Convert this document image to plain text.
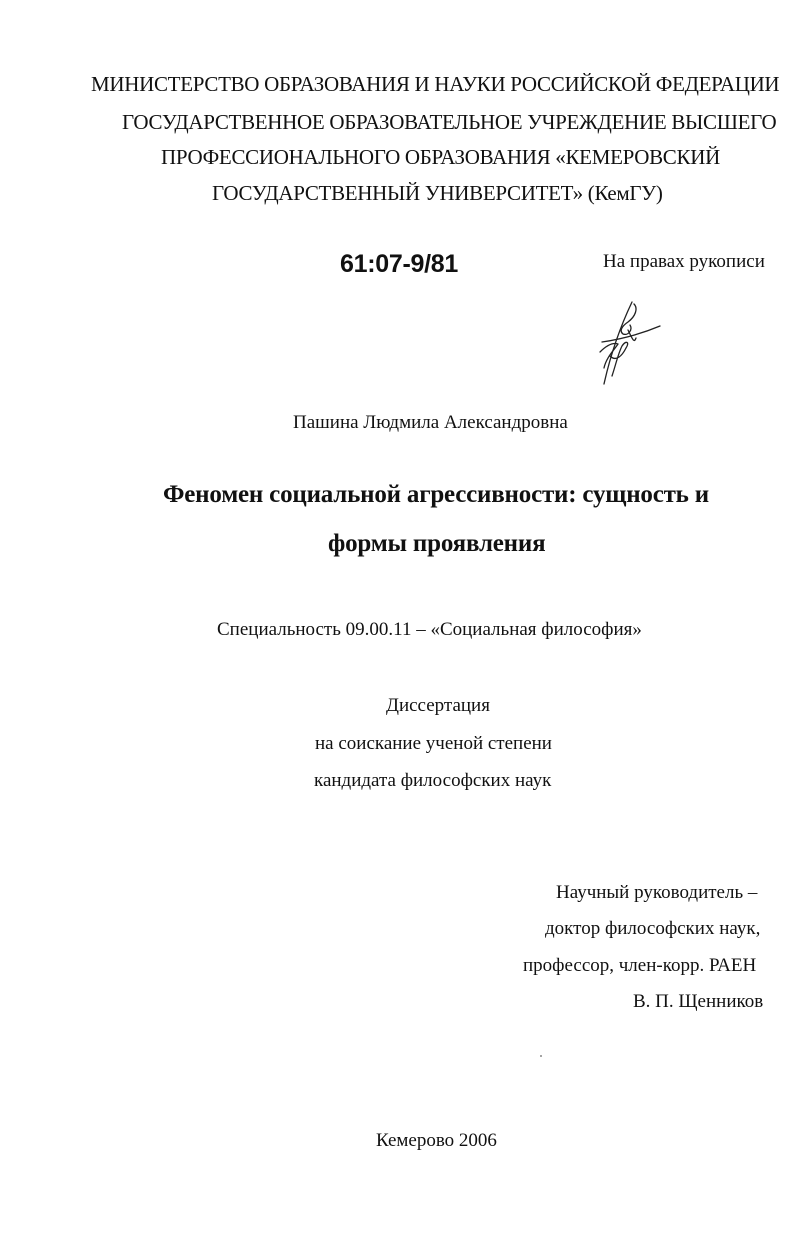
МИНИСТЕРСТВО ОБРАЗОВАНИЯ И НАУКИ РОССИЙСКОЙ ФЕДЕРАЦИИ
ГОСУДАРСТВЕННОЕ ОБРАЗОВАТЕЛЬНОЕ УЧРЕЖДЕНИЕ ВЫСШЕГО
ПРОФЕССИОНАЛЬНОГО ОБРАЗОВАНИЯ «КЕМЕРОВСКИЙ
ГОСУДАРСТВЕННЫЙ УНИВЕРСИТЕТ» (КемГУ)
61:07-9/81	На правах рукописи
Пашина Людмила Александровна
Феномен социальной агрессивности: сущность и
формы проявления
Специальность 09.00.11 – «Социальная философия»
Диссертация
на соискание ученой степени
кандидата философских наук
Научный руководитель –
доктор философских наук,
профессор, член-корр. РАЕН
В. П. Щенников
Кемерово 2006
